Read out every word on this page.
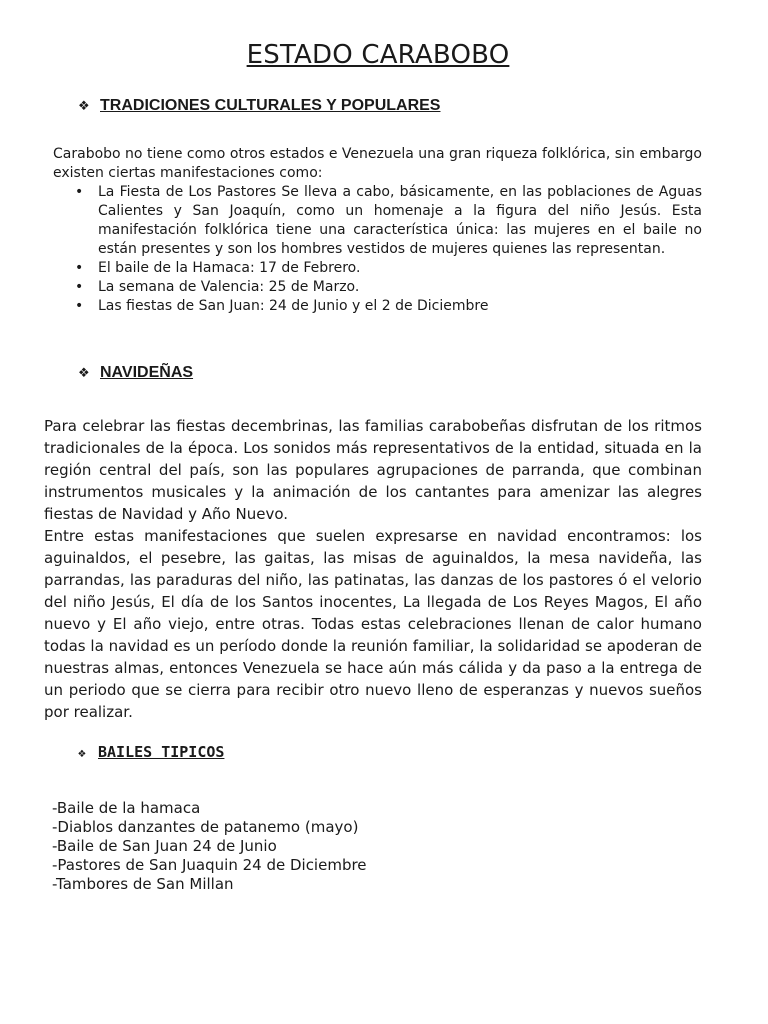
ESTADO CARABOBO
❖ TRADICIONES CULTURALES Y POPULARES

Carabobo no tiene como otros estados e Venezuela una gran riqueza folklórica, sin embargo existen ciertas manifestaciones como:

• La Fiesta de Los Pastores Se lleva a cabo, básicamente, en las poblaciones de Aguas Calientes y San Joaquín, como un homenaje a la figura del niño Jesús. Esta manifestación folklórica tiene una característica única: las mujeres en el baile no están presentes y son los hombres vestidos de mujeres quienes las representan.
• El baile de la Hamaca: 17 de Febrero.
• La semana de Valencia: 25 de Marzo.
• Las fiestas de San Juan: 24 de Junio y el 2 de Diciembre
❖ NAVIDEÑAS

Para celebrar las fiestas decembrinas, las familias carabobeñas disfrutan de los ritmos tradicionales de la época. Los sonidos más representativos de la entidad, situada en la región central del país, son las populares agrupaciones de parranda, que combinan instrumentos musicales y la animación de los cantantes para amenizar las alegres fiestas de Navidad y Año Nuevo.

Entre estas manifestaciones que suelen expresarse en navidad encontramos: los aguinaldos, el pesebre, las gaitas, las misas de aguinaldos, la mesa navideña, las parrandas, las paraduras del niño, las patinatas, las danzas de los pastores ó el velorio del niño Jesús, El día de los Santos inocentes, La llegada de Los Reyes Magos, El año nuevo y El año viejo, entre otras. Todas estas celebraciones llenan de calor humano todas la navidad es un período donde la reunión familiar, la solidaridad se apoderan de nuestras almas, entonces Venezuela se hace aún más cálida y da paso a la entrega de un periodo que se cierra para recibir otro nuevo lleno de esperanzas y nuevos sueños por realizar.

❖ BAILES TIPICOS
-Baile de la hamaca
-Diablos danzantes de patanemo (mayo)
-Baile de San Juan 24 de Junio
-Pastores de San Juaquin 24 de Diciembre
-Tambores de San Millan
